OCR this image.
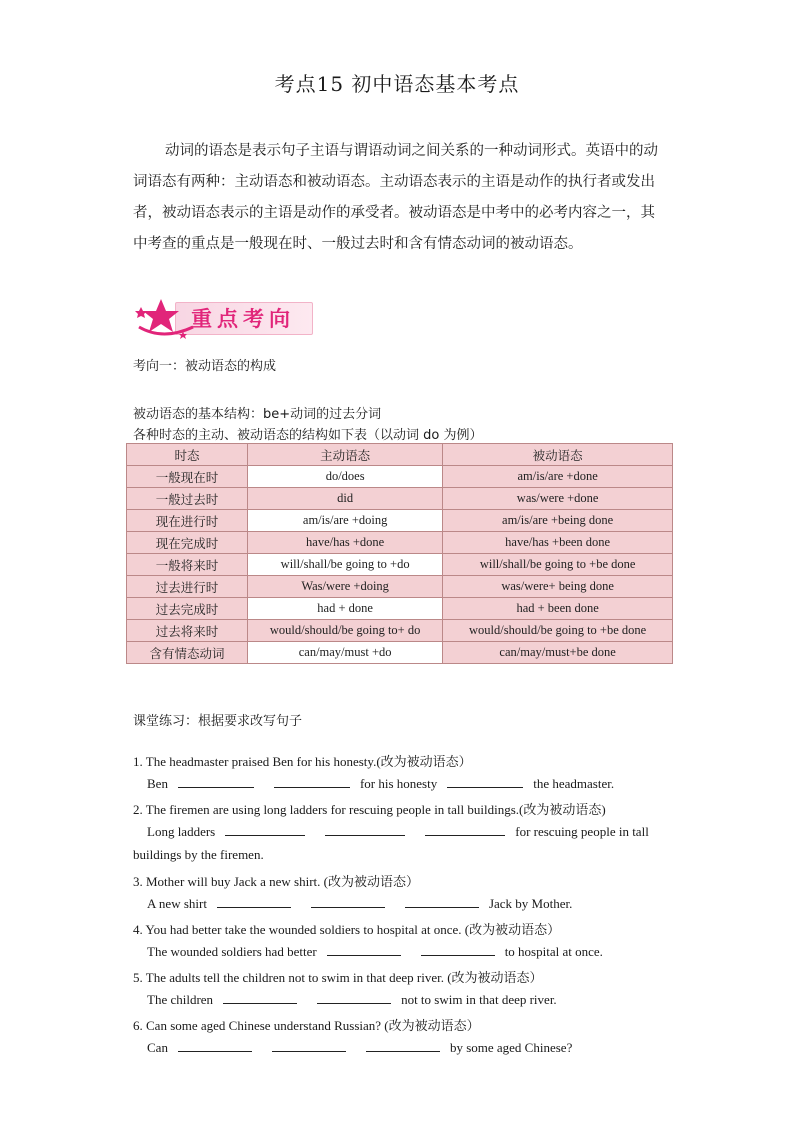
考点15 初中语态基本考点
动词的语态是表示句子主语与谓语动词之间关系的一种动词形式。英语中的动词语态有两种：主动语态和被动语态。主动语态表示的主语是动作的执行者或发出者，被动语态表示的主语是动作的承受者。被动语态是中考中的必考内容之一，其中考查的重点是一般现在时、一般过去时和含有情态动词的被动语态。
重点考向
考向一：被动语态的构成
被动语态的基本结构：be+动词的过去分词
各种时态的主动、被动语态的结构如下表（以动词 do 为例）
时态	主动语态	被动语态
一般现在时	do/does	am/is/are +done
一般过去时	did	was/were +done
现在进行时	am/is/are +doing	am/is/are +being done
现在完成时	have/has +done	have/has +been done
一般将来时	will/shall/be going to +do	will/shall/be going to +be done
过去进行时	Was/were +doing	was/were+ being done
过去完成时	had + done	had + been done
过去将来时	would/should/be going to+ do	would/should/be going to +be done
含有情态动词	can/may/must +do	can/may/must+be done
课堂练习：根据要求改写句子
1. The headmaster praised Ben for his honesty.(改为被动语态）
Ben	for his honesty	the headmaster.
2. The firemen are using long ladders for rescuing people in tall buildings.(改为被动语态)
Long ladders	for rescuing people in tall
buildings by the firemen.
3. Mother will buy Jack a new shirt. (改为被动语态）
A new shirt	Jack by Mother.
4. You had better take the wounded soldiers to hospital at once. (改为被动语态）
The wounded soldiers had better	to hospital at once.
5. The adults tell the children not to swim in that deep river. (改为被动语态）
The children	not to swim in that deep river.
6. Can some aged Chinese understand Russian? (改为被动语态）
Can	by some aged Chinese?
